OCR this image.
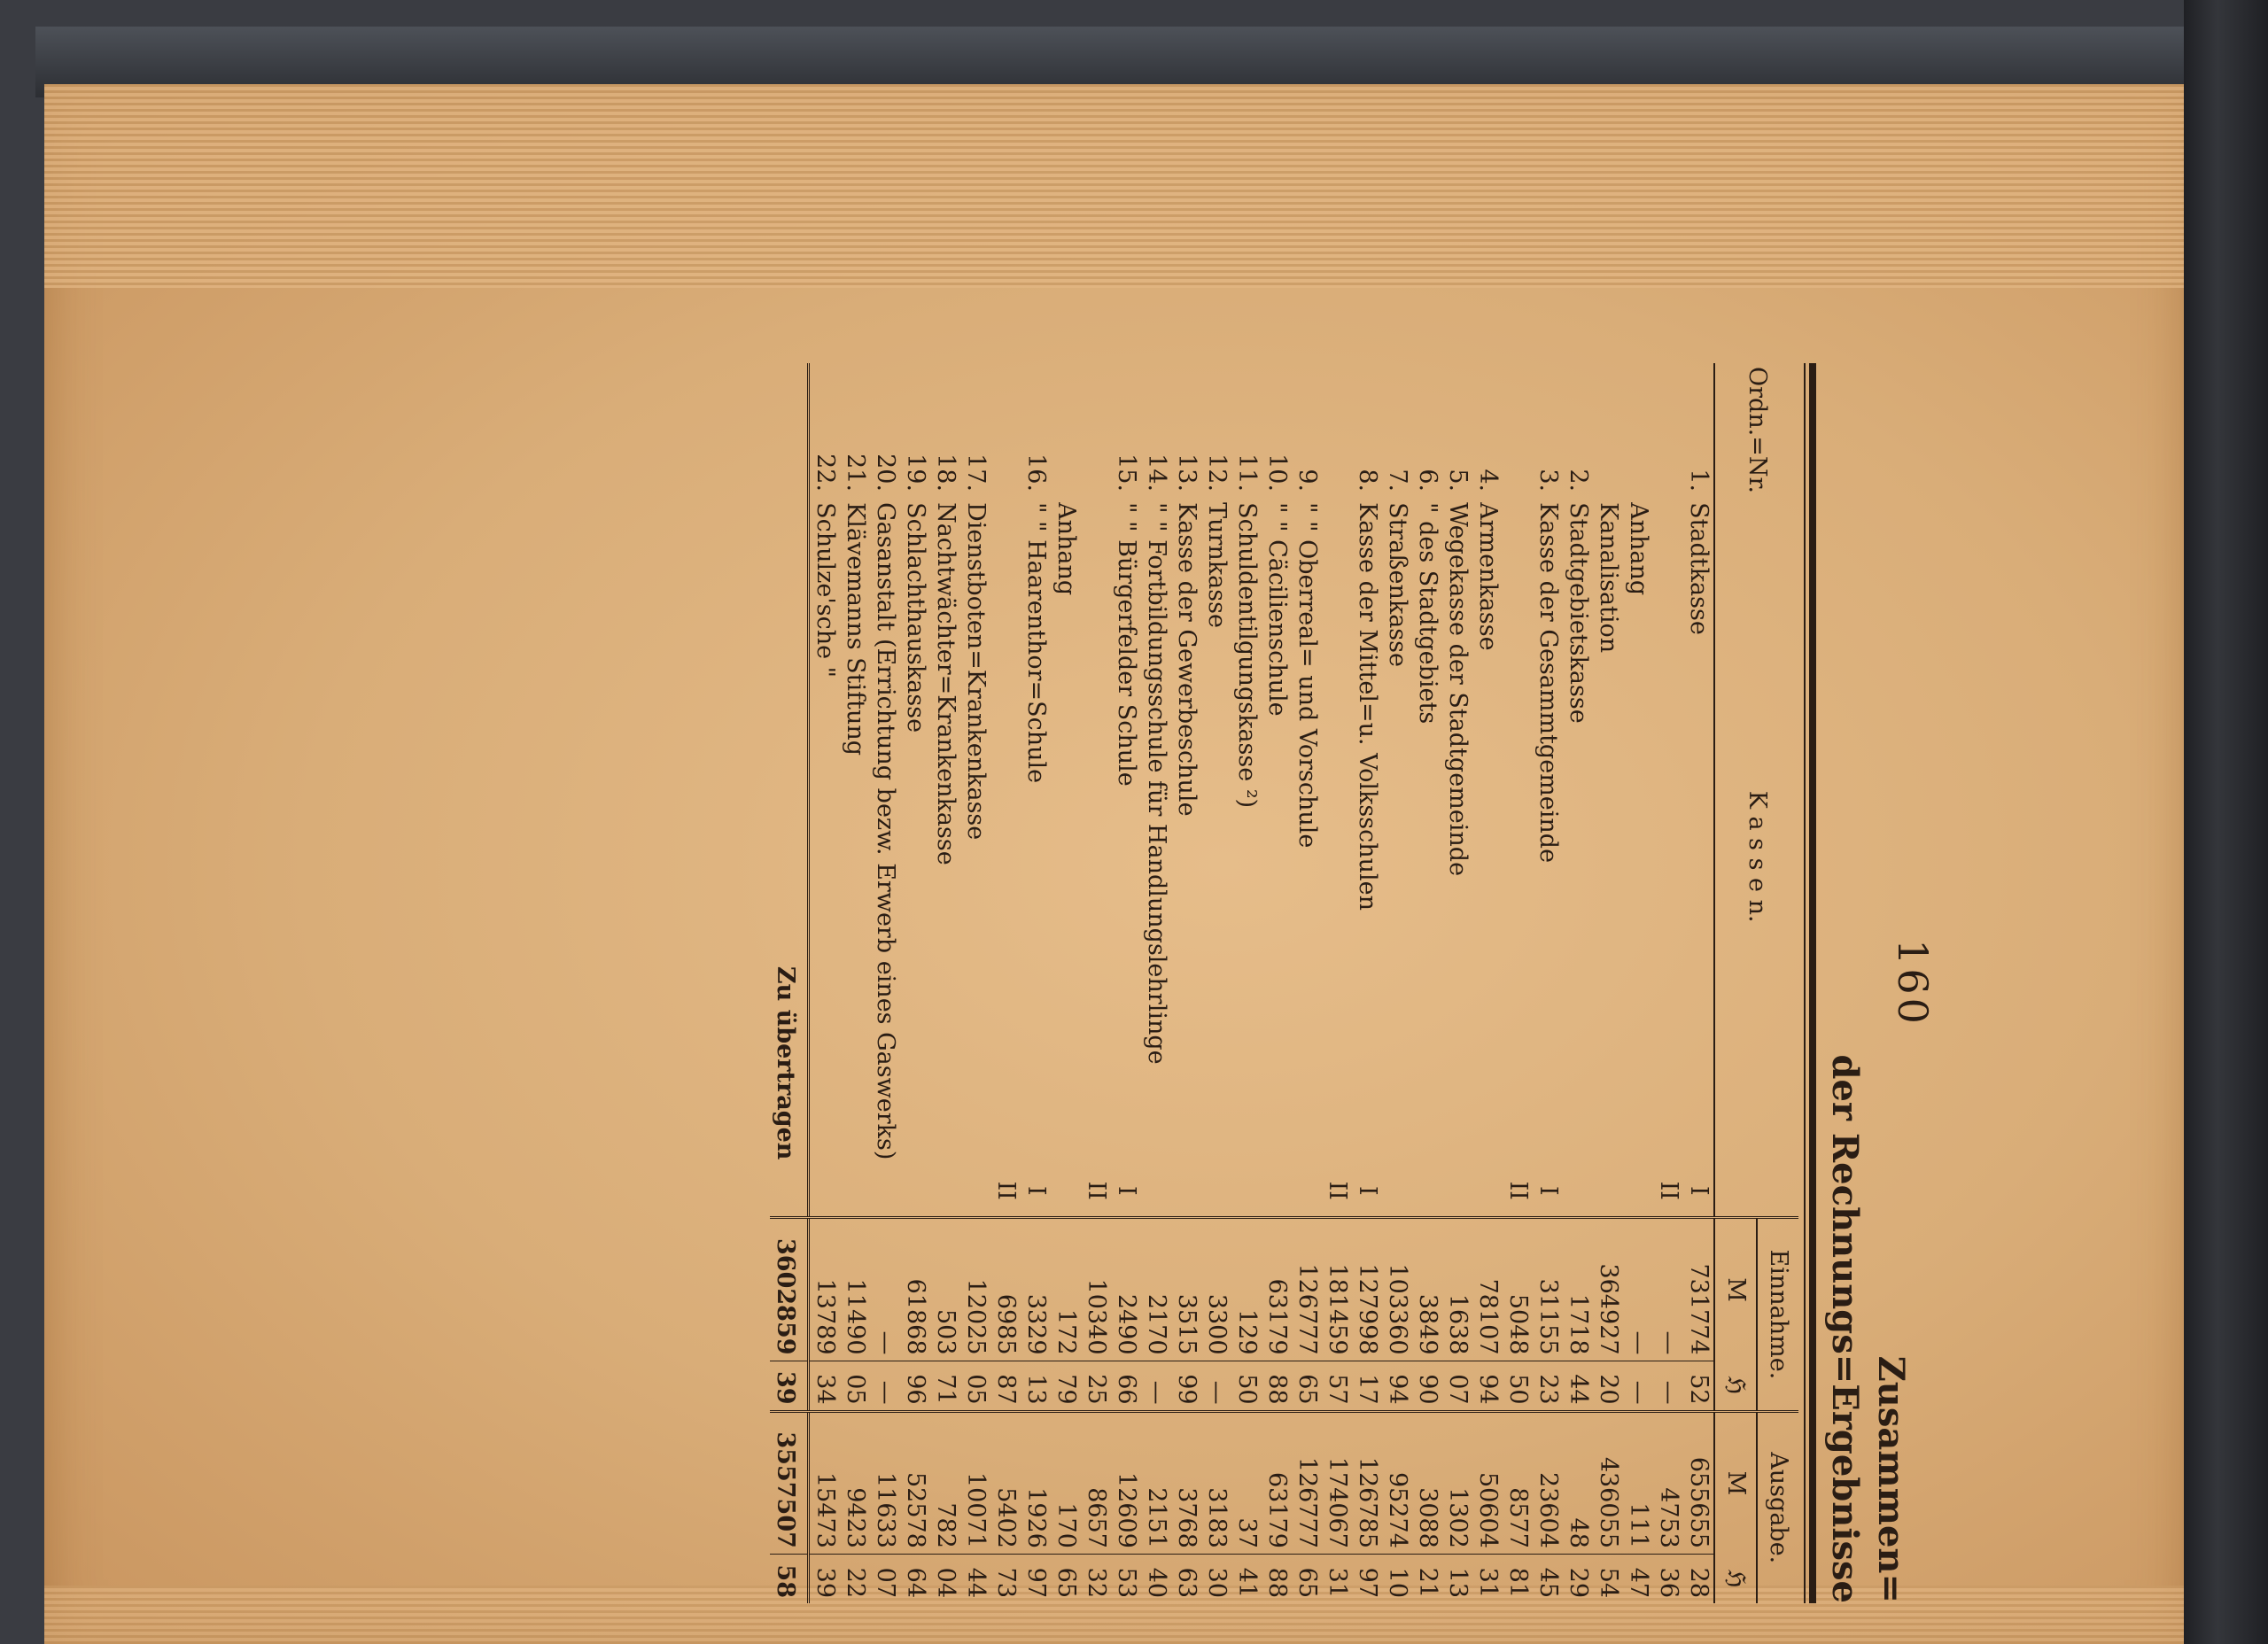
160
Zusammen=
der Rechnungs=Ergebnisse
Ordn.=Nr.	K a s s e n.		Einnahme.		Ausgabe.	
			M	ℌ	M	ℌ
1.	Stadtkasse	I	731774	52	655655	28
		II	—	—	4753	36
	Anhang		—	—	111	47
	Kanalisation		364927	20	436055	54
2.	Stadtgebietskasse		1718	44	48	29
3.	Kasse der Gesammtgemeinde	I	31155	23	23604	45
		II	5048	50	8577	81
4.	Armenkasse		78107	94	50604	31
5.	Wegekasse der Stadtgemeinde		1638	07	1302	13
6.	" des Stadtgebiets		3849	90	3088	21
7.	Straßenkasse		103360	94	95274	10
8.	Kasse der Mittel=u. Volksschulen	I	127998	17	126785	97
		II	181459	57	174067	31
9.	" " Oberreal= und Vorschule		126777	65	126777	65
10.	" " Cäcilienschule		63179	88	63179	88
11.	Schuldentilgungskasse ²)		129	50	37	41
12.	Turnkasse		3300	—	3183	30
13.	Kasse der Gewerbeschule		3515	99	3768	63
14.	" " Fortbildungsschule für Handlungslehrlinge		2170	—	2151	40
15.	" " Bürgerfelder Schule	I	2490	66	12609	53
		II	10340	25	8657	32
	Anhang		172	79	170	65
16.	" " Haarenthor=Schule	I	3329	13	1926	97
		II	6985	87	5402	73
17.	Dienstboten=Krankenkasse		12025	05	10071	44
18.	Nachtwächter=Krankenkasse		503	71	782	04
19.	Schlachthauskasse		61868	96	52578	64
20.	Gasanstalt (Errichtung bezw. Erwerb eines Gaswerks)		—	—	11633	07
21.	Klävemanns Stiftung		11490	05	9423	22
22.	Schulze'sche "		13789	34	15473	39
	Zu übertragen		3602859	39	3557507	58
